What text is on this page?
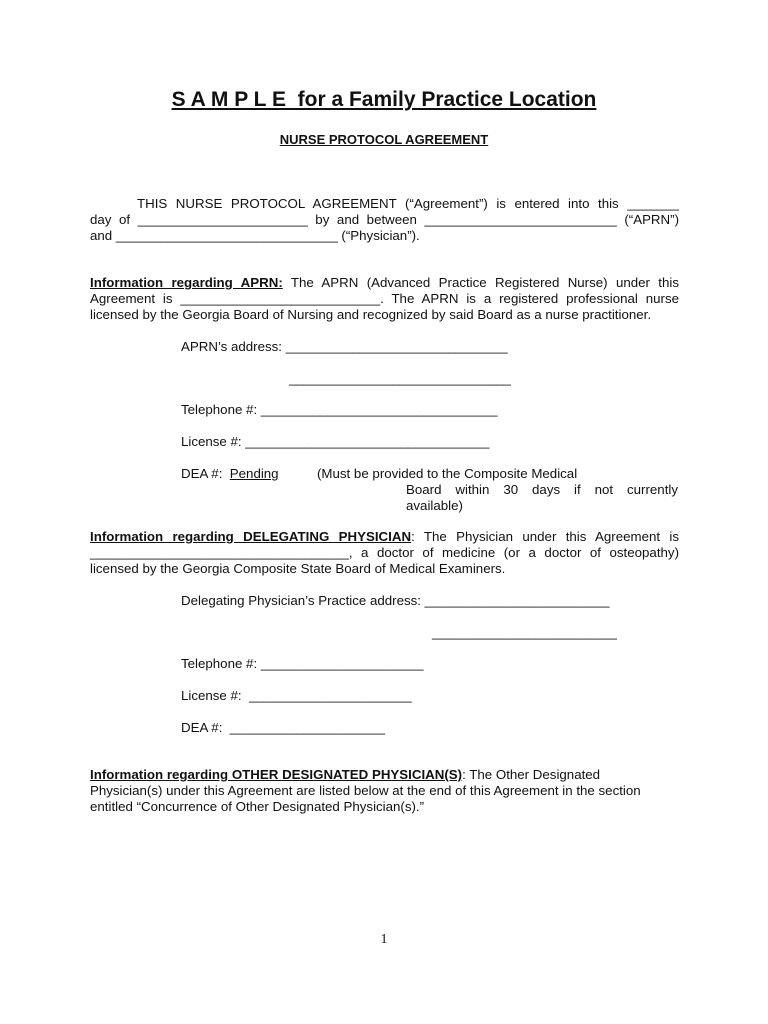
S A M P L E  for a Family Practice Location
NURSE PROTOCOL AGREEMENT
THIS NURSE PROTOCOL AGREEMENT (“Agreement”) is entered into this _______
day of _______________________ by and between __________________________ (“APRN”)
and ______________________________ (“Physician”).
Information regarding APRN: The APRN (Advanced Practice Registered Nurse) under this
Agreement is ___________________________. The APRN is a registered professional nurse
licensed by the Georgia Board of Nursing and recognized by said Board as a nurse practitioner.
APRN’s address: ______________________________
______________________________
Telephone #: ________________________________
License #: _________________________________
DEA #:  Pending	(Must be provided to the Composite Medical
Board within 30 days if not currently
available)
Information regarding DELEGATING PHYSICIAN: The Physician under this Agreement is
___________________________________, a doctor of medicine (or a doctor of osteopathy)
licensed by the Georgia Composite State Board of Medical Examiners.
Delegating Physician’s Practice address: _________________________
_________________________
Telephone #: ______________________
License #:  ______________________
DEA #:  _____________________
Information regarding OTHER DESIGNATED PHYSICIAN(S): The Other Designated
Physician(s) under this Agreement are listed below at the end of this Agreement in the section
entitled “Concurrence of Other Designated Physician(s).”
1
